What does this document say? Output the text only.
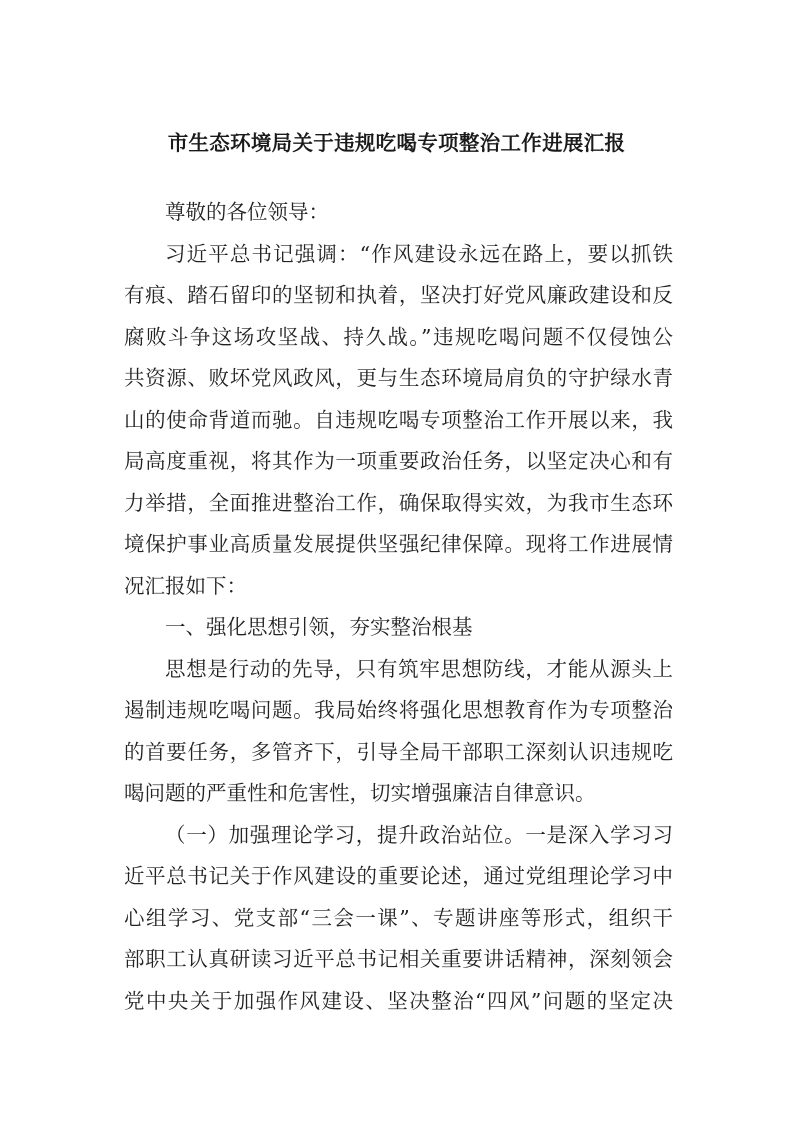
市生态环境局关于违规吃喝专项整治工作进展汇报
尊敬的各位领导：
习近平总书记强调：“作风建设永远在路上，要以抓铁
有痕、踏石留印的坚韧和执着，坚决打好党风廉政建设和反
腐败斗争这场攻坚战、持久战。”违规吃喝问题不仅侵蚀公
共资源、败坏党风政风，更与生态环境局肩负的守护绿水青
山的使命背道而驰。自违规吃喝专项整治工作开展以来，我
局高度重视，将其作为一项重要政治任务，以坚定决心和有
力举措，全面推进整治工作，确保取得实效，为我市生态环
境保护事业高质量发展提供坚强纪律保障。现将工作进展情
况汇报如下：
一、强化思想引领，夯实整治根基
思想是行动的先导，只有筑牢思想防线，才能从源头上
遏制违规吃喝问题。我局始终将强化思想教育作为专项整治
的首要任务，多管齐下，引导全局干部职工深刻认识违规吃
喝问题的严重性和危害性，切实增强廉洁自律意识。
（一）加强理论学习，提升政治站位。一是深入学习习
近平总书记关于作风建设的重要论述，通过党组理论学习中
心组学习、党支部“三会一课”、专题讲座等形式，组织干
部职工认真研读习近平总书记相关重要讲话精神，深刻领会
党中央关于加强作风建设、坚决整治“四风”问题的坚定决
